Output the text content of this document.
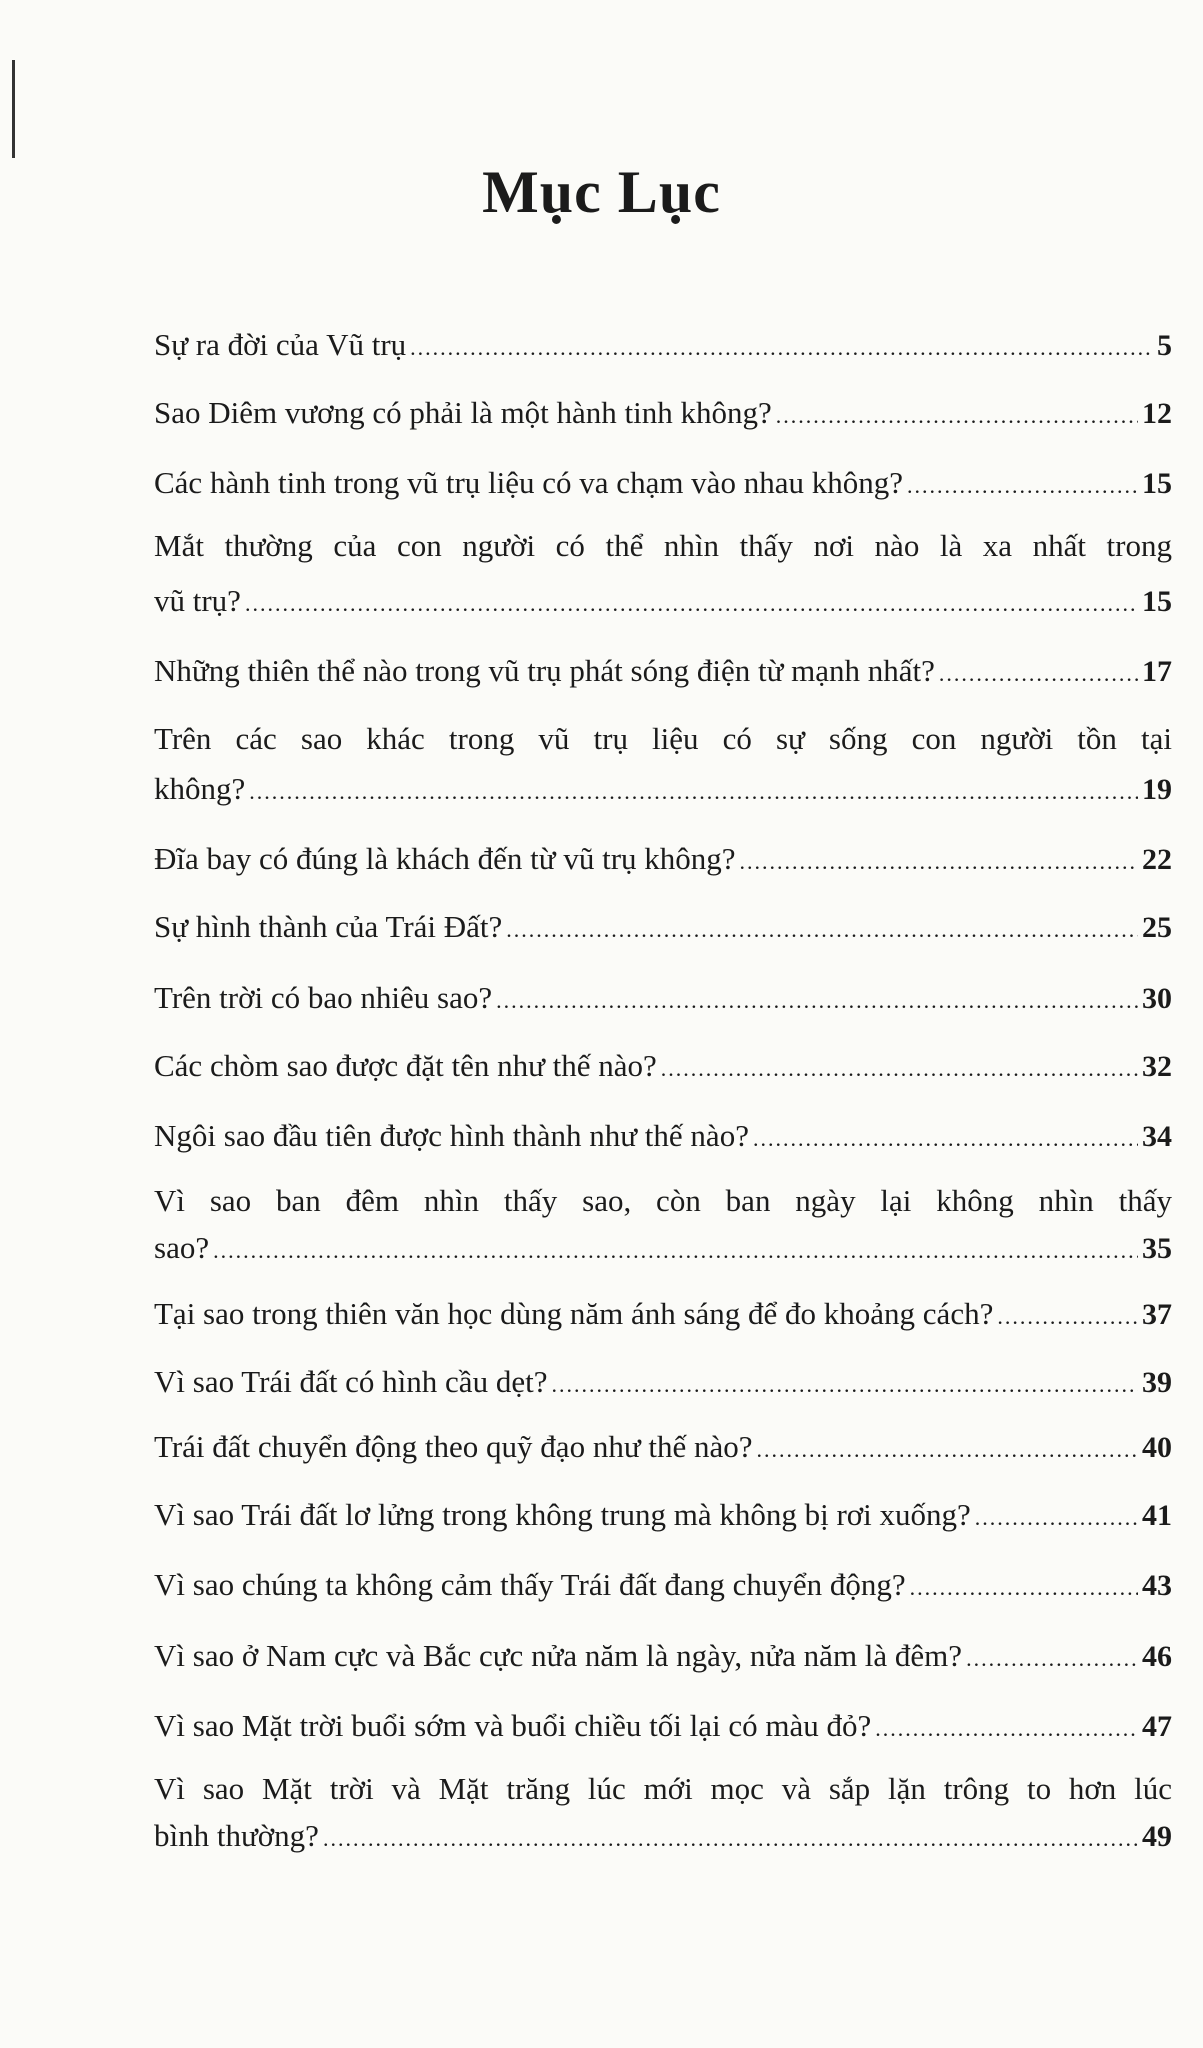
Mục Lục
Sự ra đời của Vũ trụ .....	5
Sao Diêm vương có phải là một hành tinh không? .....	12
Các hành tinh trong vũ trụ liệu có va chạm vào nhau không? .....	15
Mắt thường của con người có thể nhìn thấy nơi nào là xa nhất trong
vũ trụ? .....	15
Những thiên thể nào trong vũ trụ phát sóng điện từ mạnh nhất? .....	17
Trên các sao khác trong vũ trụ liệu có sự sống con người tồn tại
không? .....	19
Đĩa bay có đúng là khách đến từ vũ trụ không? .....	22
Sự hình thành của Trái Đất? .....	25
Trên trời có bao nhiêu sao? .....	30
Các chòm sao được đặt tên như thế nào? .....	32
Ngôi sao đầu tiên được hình thành như thế nào? .....	34
Vì sao ban đêm nhìn thấy sao, còn ban ngày lại không nhìn thấy
sao? .....	35
Tại sao trong thiên văn học dùng năm ánh sáng để đo khoảng cách? .....	37
Vì sao Trái đất có hình cầu dẹt? .....	39
Trái đất chuyển động theo quỹ đạo như thế nào? .....	40
Vì sao Trái đất lơ lửng trong không trung mà không bị rơi xuống? .....	41
Vì sao chúng ta không cảm thấy Trái đất đang chuyển động? .....	43
Vì sao ở Nam cực và Bắc cực nửa năm là ngày, nửa năm là đêm? .....	46
Vì sao Mặt trời buổi sớm và buổi chiều tối lại có màu đỏ? .....	47
Vì sao Mặt trời và Mặt trăng lúc mới mọc và sắp lặn trông to hơn lúc
bình thường? .....	49
